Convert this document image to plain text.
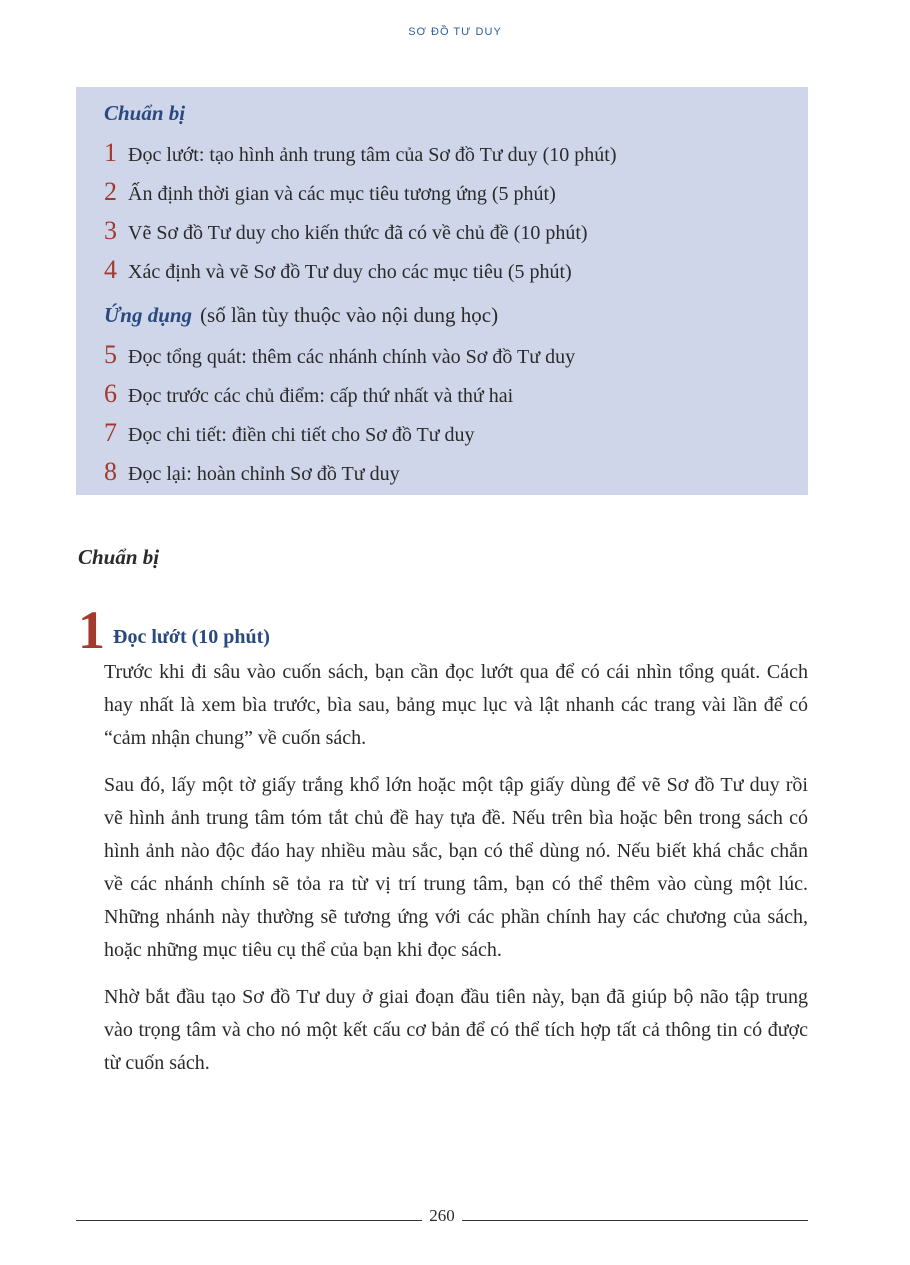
SƠ ĐỒ TƯ DUY
Chuẩn bị
1 Đọc lướt: tạo hình ảnh trung tâm của Sơ đồ Tư duy (10 phút)
2 Ấn định thời gian và các mục tiêu tương ứng (5 phút)
3 Vẽ Sơ đồ Tư duy cho kiến thức đã có về chủ đề (10 phút)
4 Xác định và vẽ Sơ đồ Tư duy cho các mục tiêu (5 phút)
Ứng dụng (số lần tùy thuộc vào nội dung học)
5 Đọc tổng quát: thêm các nhánh chính vào Sơ đồ Tư duy
6 Đọc trước các chủ điểm: cấp thứ nhất và thứ hai
7 Đọc chi tiết: điền chi tiết cho Sơ đồ Tư duy
8 Đọc lại: hoàn chỉnh Sơ đồ Tư duy
Chuẩn bị
1 Đọc lướt (10 phút)

Trước khi đi sâu vào cuốn sách, bạn cần đọc lướt qua để có cái nhìn tổng quát. Cách hay nhất là xem bìa trước, bìa sau, bảng mục lục và lật nhanh các trang vài lần để có “cảm nhận chung” về cuốn sách.

Sau đó, lấy một tờ giấy trắng khổ lớn hoặc một tập giấy dùng để vẽ Sơ đồ Tư duy rồi vẽ hình ảnh trung tâm tóm tắt chủ đề hay tựa đề. Nếu trên bìa hoặc bên trong sách có hình ảnh nào độc đáo hay nhiều màu sắc, bạn có thể dùng nó. Nếu biết khá chắc chắn về các nhánh chính sẽ tỏa ra từ vị trí trung tâm, bạn có thể thêm vào cùng một lúc. Những nhánh này thường sẽ tương ứng với các phần chính hay các chương của sách, hoặc những mục tiêu cụ thể của bạn khi đọc sách.

Nhờ bắt đầu tạo Sơ đồ Tư duy ở giai đoạn đầu tiên này, bạn đã giúp bộ não tập trung vào trọng tâm và cho nó một kết cấu cơ bản để có thể tích hợp tất cả thông tin có được từ cuốn sách.

260
